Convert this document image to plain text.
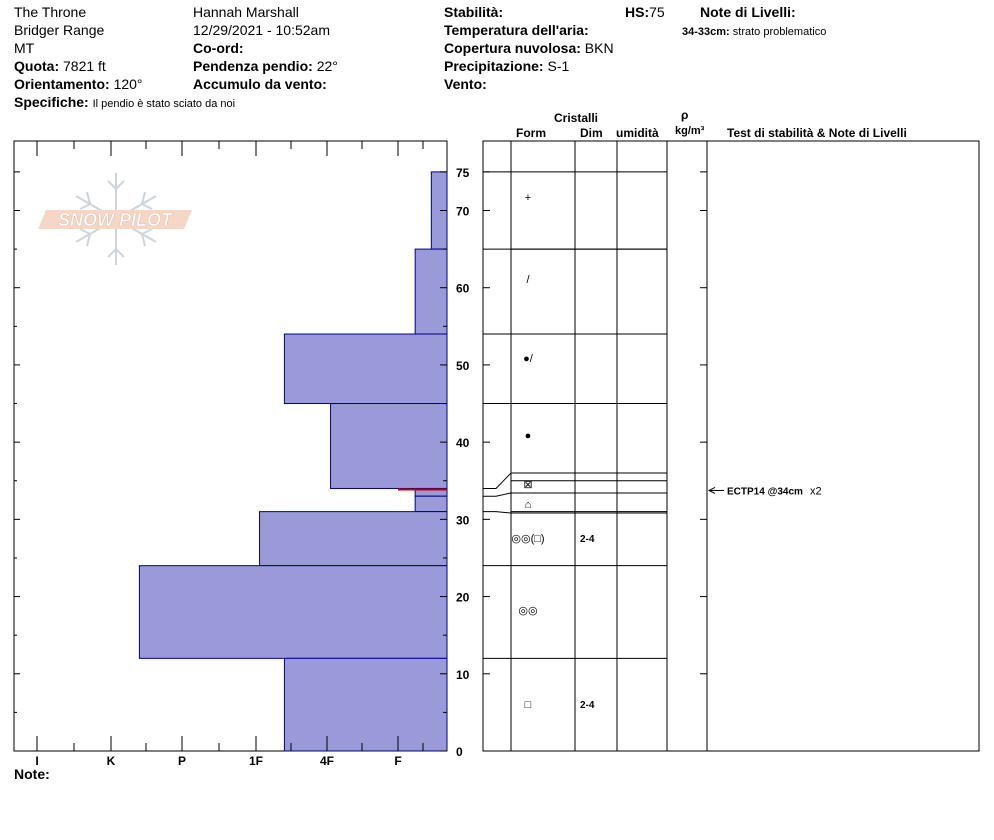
The Throne
Bridger Range
MT
Quota: 7821 ft
Orientamento: 120°
Specifiche: Il pendio è stato sciato da noi
Hannah Marshall
12/29/2021 - 10:52am
Co-ord:
Pendenza pendio: 22°
Accumulo da vento:
Stabilità:
Temperatura dell'aria:
Copertura nuvolosa: BKN
Precipitazione: S-1
Vento:
HS:75	Note di Livelli:
34-33cm: strato problematico
Cristalli
Form	Dim umidità
ρ
kg/m³ Test di stabilità & Note di Livelli
SNOW PILOT
0
10
20
30
40
50
60
70
75
I	K	P	1F	4F	F
+
/
●/
●
⊠
⌂
◎◎(□)	2-4
◎◎
□	2-4
ECTP14 @34cm x2
Note:
